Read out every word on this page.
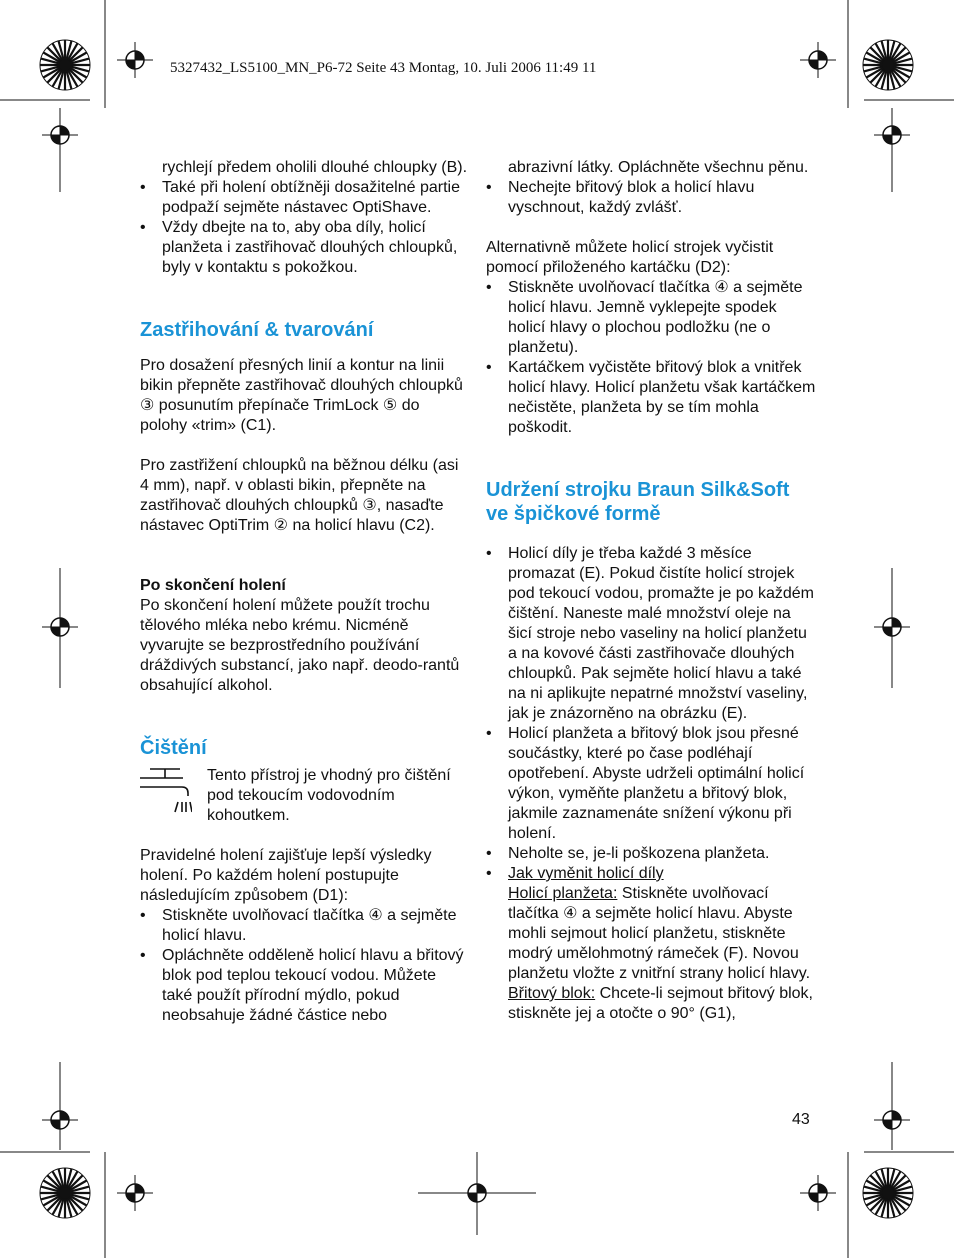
5327432_LS5100_MN_P6-72 Seite 43 Montag, 10. Juli 2006 11:49 11

rychlejí předem oholili dlouhé chloupky (B).

• Také při holení obtížněji dosažitelné partie podpaží sejměte nástavec OptiShave.
• Vždy dbejte na to, aby oba díly, holicí planžeta i zastřihovač dlouhých chloupků, byly v kontaktu s pokožkou.
Zastřihování & tvarování

Pro dosažení přesných linií a kontur na linii bikin přepněte zastřihovač dlouhých chloupků ③ posunutím přepínače TrimLock ⑤ do polohy «trim» (C1).

Pro zastřižení chloupků na běžnou délku (asi 4 mm), např. v oblasti bikin, přepněte na zastřihovač dlouhých chloupků ③, nasaďte nástavec OptiTrim ② na holicí hlavu (C2).

Po skončení holení

Po skončení holení můžete použít trochu tělového mléka nebo krému. Nicméně vyvarujte se bezprostředního používání dráždivých substancí, jako např. deodo-rantů obsahující alkohol.

Čištění

Tento přístroj je vhodný pro čištění pod tekoucím vodovodním kohoutkem.

Pravidelné holení zajišťuje lepší výsledky holení. Po každém holení postupujte následujícím způsobem (D1):

• Stiskněte uvolňovací tlačítka ④ a sejměte holicí hlavu.
• Opláchněte odděleně holicí hlavu a břitový blok pod teplou tekoucí vodou. Můžete také použít přírodní mýdlo, pokud neobsahuje žádné částice nebo

abrazivní látky. Opláchněte všechnu pěnu.

• Nechejte břitový blok a holicí hlavu vyschnout, každý zvlášť.

Alternativně můžete holicí strojek vyčistit pomocí přiloženého kartáčku (D2):

• Stiskněte uvolňovací tlačítka ④ a sejměte holicí hlavu. Jemně vyklepejte spodek holicí hlavy o plochou podložku (ne o planžetu).
• Kartáčkem vyčistěte břitový blok a vnitřek holicí hlavy. Holicí planžetu však kartáčkem nečistěte, planžeta by se tím mohla poškodit.
Udržení strojku Braun Silk&Soft ve špičkové formě
• Holicí díly je třeba každé 3 měsíce promazat (E). Pokud čistíte holicí strojek pod tekoucí vodou, promažte je po každém čištění. Naneste malé množství oleje na šicí stroje nebo vaseliny na holicí planžetu a na kovové části zastřihovače dlouhých chloupků. Pak sejměte holicí hlavu a také na ni aplikujte nepatrné množství vaseliny, jak je znázorněno na obrázku (E).
• Holicí planžeta a břitový blok jsou přesné součástky, které po čase podléhají opotřebení. Abyste udrželi optimální holicí výkon, vyměňte planžetu a břitový blok, jakmile zaznamenáte snížení výkonu při holení.
• Neholte se, je-li poškozena planžeta.
• Jak vyměnit holicí díly
Holicí planžeta: Stiskněte uvolňovací tlačítka ④ a sejměte holicí hlavu. Abyste mohli sejmout holicí planžetu, stiskněte modrý umělohmotný rámeček (F). Novou planžetu vložte z vnitřní strany holicí hlavy.
Břitový blok: Chcete-li sejmout břitový blok, stiskněte jej a otočte o 90° (G1),
43
